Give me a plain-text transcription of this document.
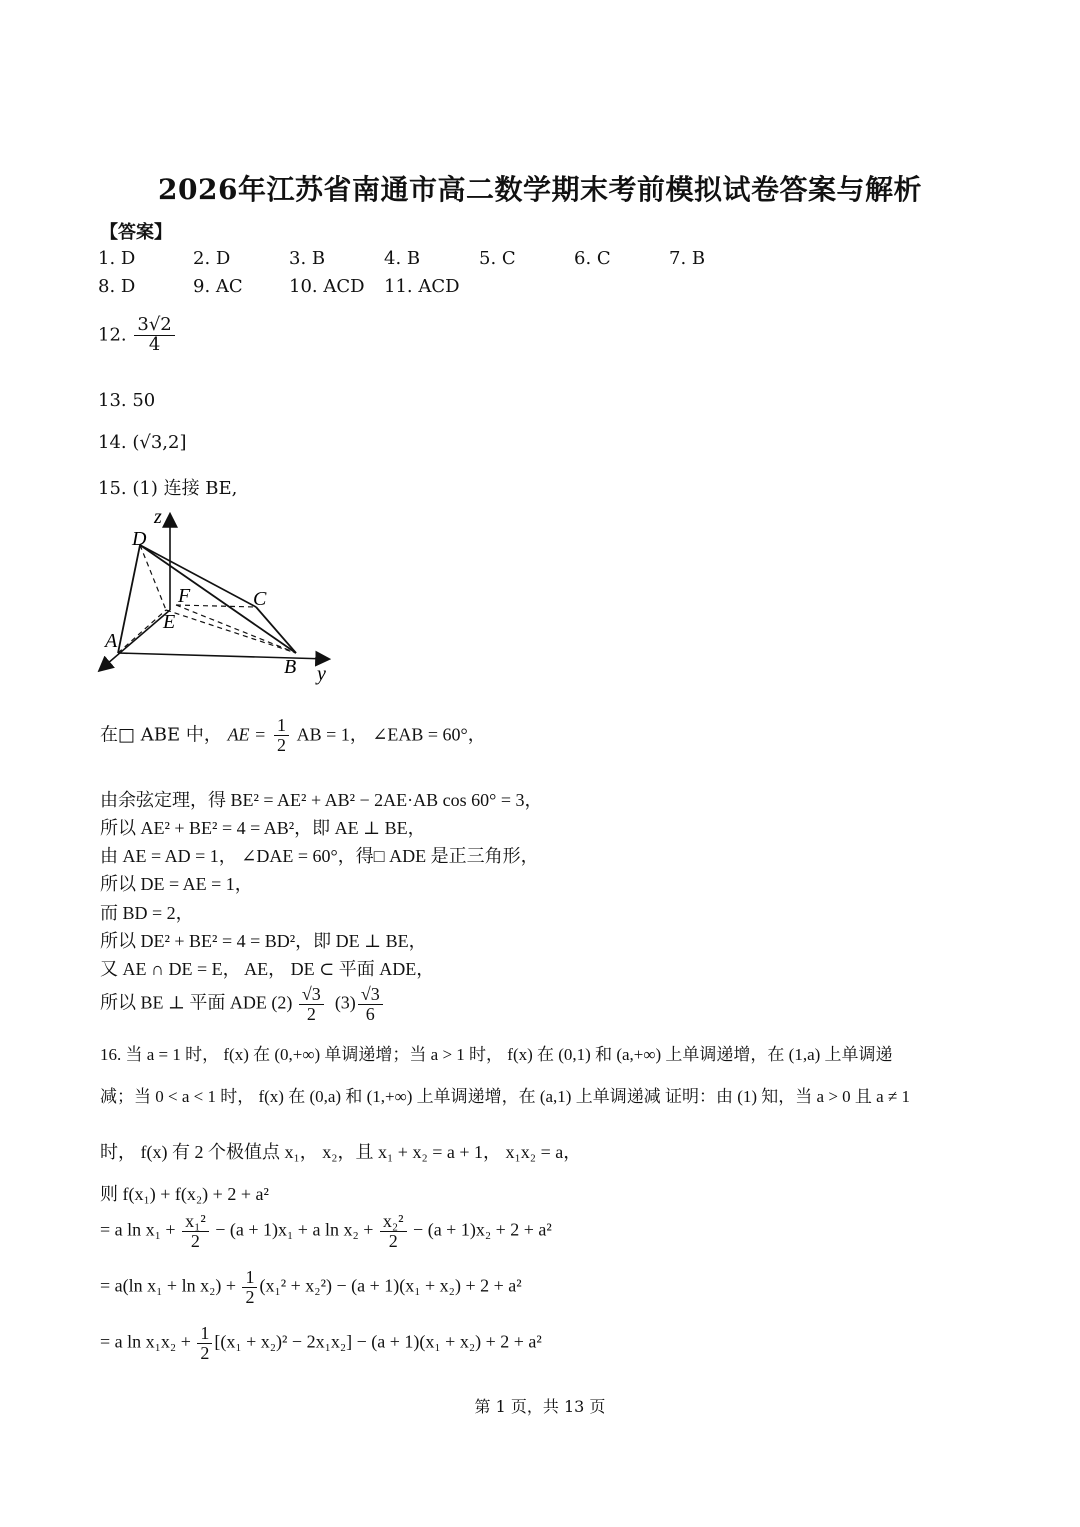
2026年江苏省南通市高二数学期末考前模拟试卷答案与解析
【答案】
1. D	2. D	3. B	4. B	5. C	6. C	7. B
8. D	9. AC	10. ACD 11. ACD
12. $\frac{3√2}{4}$
13. 50
14. (√3,2]
15. (1) 连接 BE,
z
D
C
F
E
A
B y
在□ ABE 中， AE = $\frac{1}{2}$ AB = 1， ∠EAB = 60°，
由余弦定理，得 BE² = AE² + AB² − 2AE·AB cos 60° = 3，
所以 AE² + BE² = 4 = AB²，即 AE ⊥ BE，
由 AE = AD = 1， ∠DAE = 60°，得□ ADE 是正三角形，
所以 DE = AE = 1，
而 BD = 2，
所以 DE² + BE² = 4 = BD²，即 DE ⊥ BE，
又 AE ∩ DE = E， AE， DE ⊂ 平面 ADE，
所以 BE ⊥ 平面 ADE $(2) \frac{√3}{2} (3) \frac{√3}{6}$
16. 当 a = 1 时， f(x) 在 (0,+∞) 单调递增；当 a > 1 时， f(x) 在 (0,1) 和 (a,+∞) 上单调递增，在 (1,a) 上单调递
减；当 0 < a < 1 时， f(x) 在 (0,a) 和 (1,+∞) 上单调递增，在 (a,1) 上单调递减 证明：由 (1) 知，当 a > 0 且 a ≠ 1
时， f(x) 有 2 个极值点 x₁， x₂，且 x₁ + x₂ = a + 1， x₁x₂ = a，
则 f(x₁) + f(x₂) + 2 + a²
= a $\ln x_1 + \frac{\text{x₁²}}{2} - (a + 1)x_1 + a$ $\ln x_2 + \frac{\text{x₂²}}{2} - (a + 1)x_2 + 2 + a^2$
= a(ln $x_1 + \ln x_2) + \frac{1}{2} (x_1^2 + x_2^2) - (a + 1)(x_1 + x_2) + 2 + a^2$
= a $\ln x_1x_2 + \frac{1}{2} [(x_1 + x_2)^2 - 2x_1x_2] - (a + 1)(x_1 + x_2) + 2 + a^2$
第 1 页，共 13 页
